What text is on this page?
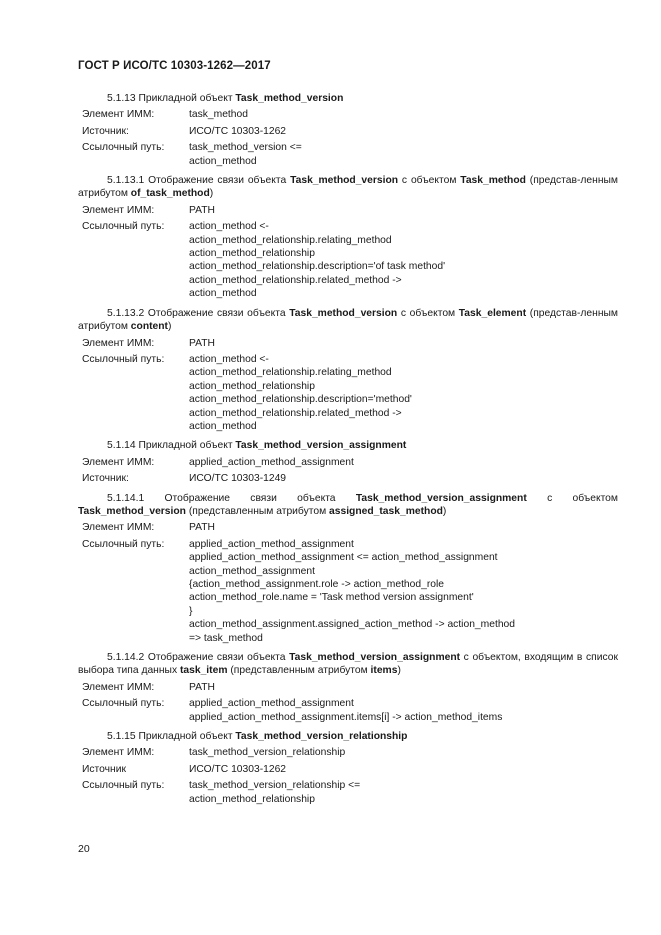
ГОСТ Р ИСО/ТС 10303-1262—2017
5.1.13 Прикладной объект Task_method_version
Элемент ИММ:	task_method
Источник:	ИСО/ТС 10303-1262
Ссылочный путь:	task_method_version <=
action_method
5.1.13.1 Отображение связи объекта Task_method_version с объектом Task_method (представ-ленным атрибутом of_task_method)
Элемент ИММ:	PATH
Ссылочный путь:	action_method <-
action_method_relationship.relating_method
action_method_relationship
action_method_relationship.description='of task method'
action_method_relationship.related_method ->
action_method
5.1.13.2 Отображение связи объекта Task_method_version с объектом Task_element (представ-ленным атрибутом content)
Элемент ИММ:	PATH
Ссылочный путь:	action_method <-
action_method_relationship.relating_method
action_method_relationship
action_method_relationship.description='method'
action_method_relationship.related_method ->
action_method
5.1.14 Прикладной объект Task_method_version_assignment
Элемент ИММ:	applied_action_method_assignment
Источник:	ИСО/ТС 10303-1249
5.1.14.1 Отображение связи объекта Task_method_version_assignment с объектом Task_method_version (представленным атрибутом assigned_task_method)
Элемент ИММ:	PATH
Ссылочный путь:	applied_action_method_assignment
applied_action_method_assignment <= action_method_assignment
action_method_assignment
{action_method_assignment.role -> action_method_role
action_method_role.name = 'Task method version assignment'
}
action_method_assignment.assigned_action_method -> action_method
=> task_method
5.1.14.2 Отображение связи объекта Task_method_version_assignment с объектом, входящим в список выбора типа данных task_item (представленным атрибутом items)
Элемент ИММ:	PATH
Ссылочный путь:	applied_action_method_assignment
applied_action_method_assignment.items[i] -> action_method_items
5.1.15 Прикладной объект Task_method_version_relationship
Элемент ИММ:	task_method_version_relationship
Источник	ИСО/ТС 10303-1262
Ссылочный путь:	task_method_version_relationship <=
action_method_relationship
20
